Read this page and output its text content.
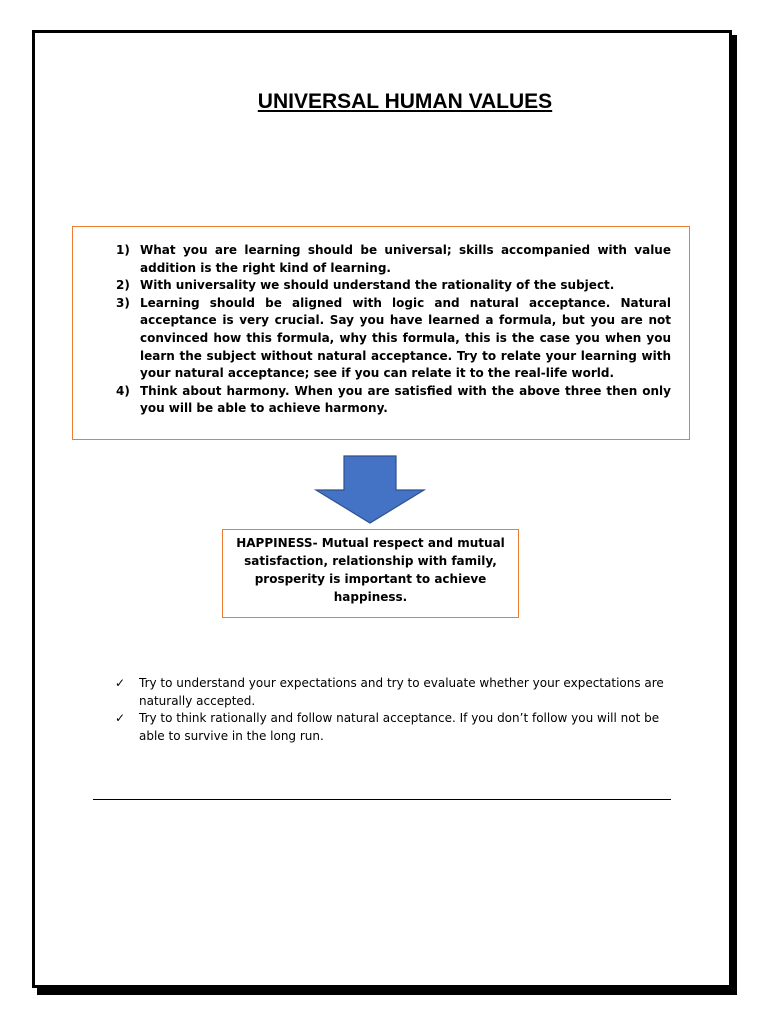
UNIVERSAL HUMAN VALUES
1) What you are learning should be universal; skills accompanied with value addition is the right kind of learning.
2) With universality we should understand the rationality of the subject.
3) Learning should be aligned with logic and natural acceptance. Natural acceptance is very crucial. Say you have learned a formula, but you are not convinced how this formula, why this formula, this is the case you when you learn the subject without natural acceptance. Try to relate your learning with your natural acceptance; see if you can relate it to the real-life world.
4) Think about harmony. When you are satisfied with the above three then only you will be able to achieve harmony.
HAPPINESS- Mutual respect and mutual satisfaction, relationship with family, prosperity is important to achieve happiness.
✓ Try to understand your expectations and try to evaluate whether your expectations are naturally accepted.
✓ Try to think rationally and follow natural acceptance. If you don’t follow you will not be able to survive in the long run.
